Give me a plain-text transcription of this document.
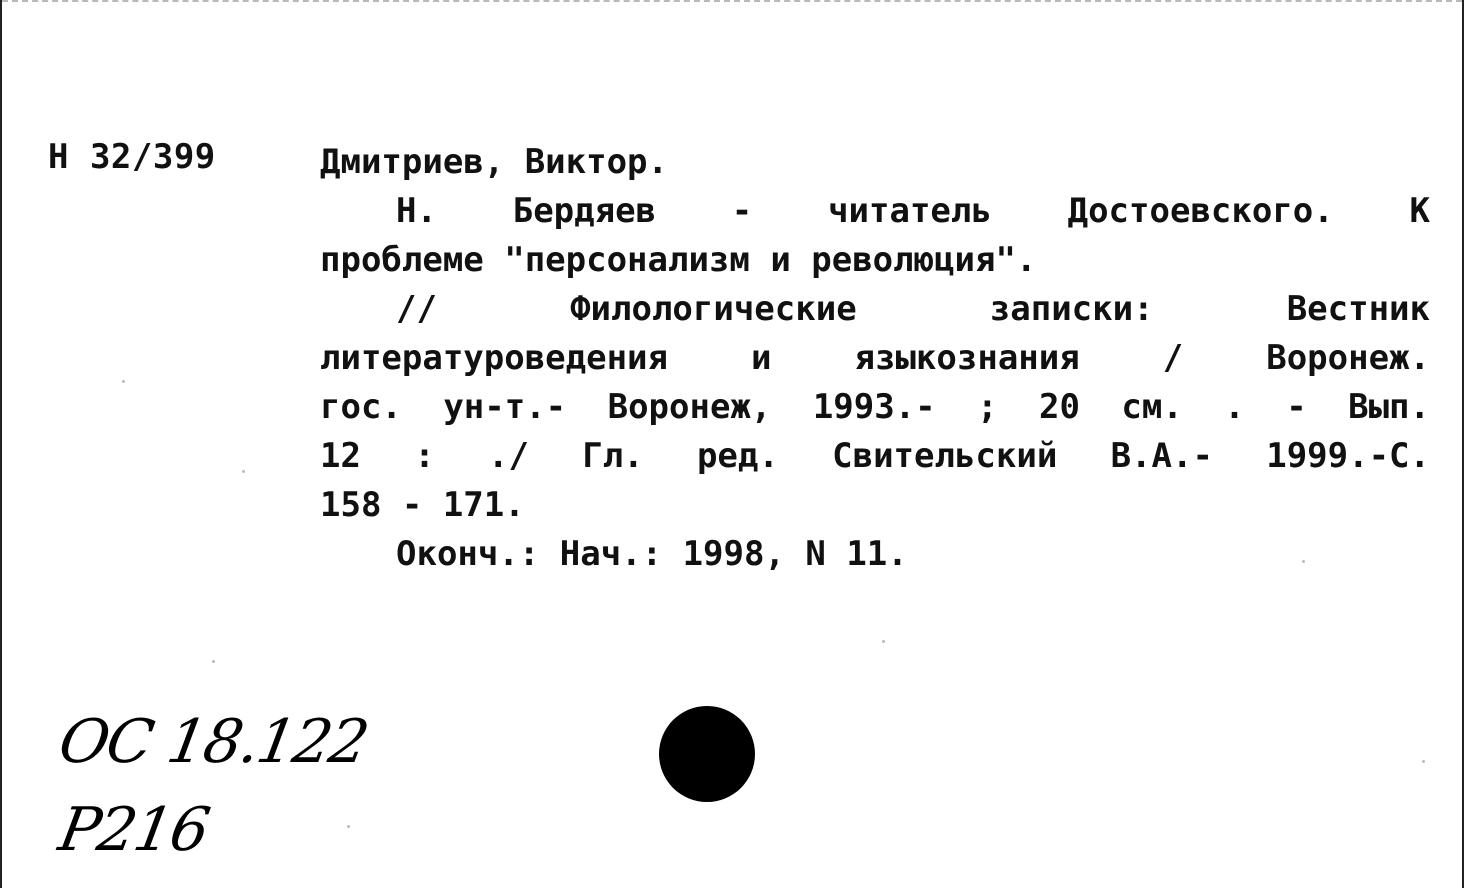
Н 32/399	Дмитриев, Виктор.
Н. Бердяев - читатель Достоевского. К
проблеме "персонализм и революция".
// Филологические записки: Вестник
литературоведения и языкознания / Воронеж.
гос. ун-т.- Воронеж, 1993.- ; 20 см. . - Вып.
12 : ./ Гл. ред. Свительский В.А.- 1999.-С.
158 - 171.
Оконч.: Нач.: 1998, N 11.
ОС 18.122
Р216
